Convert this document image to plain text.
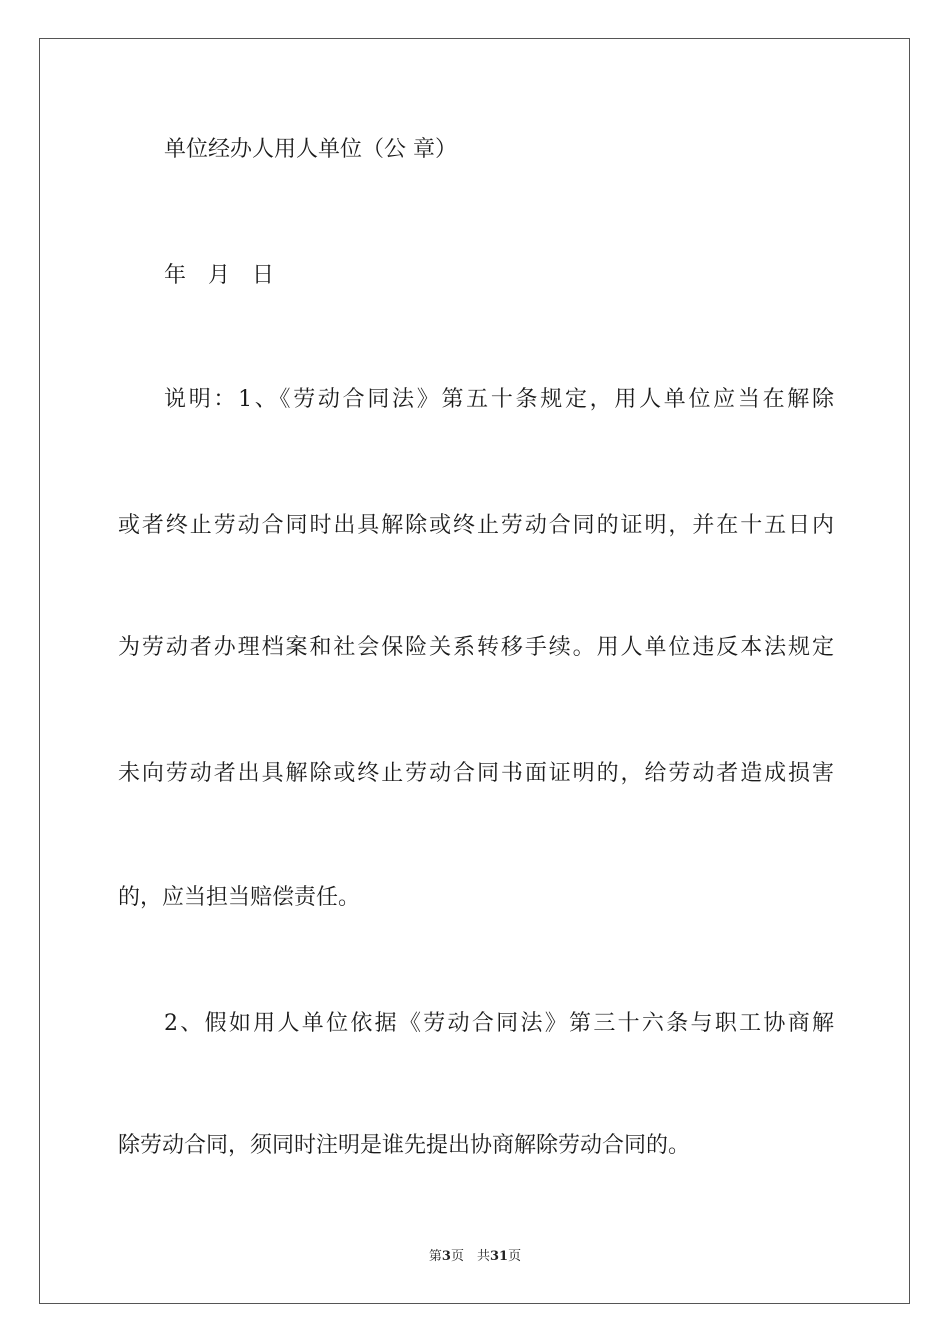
单位经办人用人单位（公 章）
年　月　日
说明：1、《劳动合同法》第五十条规定，用人单位应当在解除
或者终止劳动合同时出具解除或终止劳动合同的证明，并在十五日内
为劳动者办理档案和社会保险关系转移手续。用人单位违反本法规定
未向劳动者出具解除或终止劳动合同书面证明的，给劳动者造成损害
的，应当担当赔偿责任。
2、假如用人单位依据《劳动合同法》第三十六条与职工协商解
除劳动合同，须同时注明是谁先提出协商解除劳动合同的。
第3页  共31页
